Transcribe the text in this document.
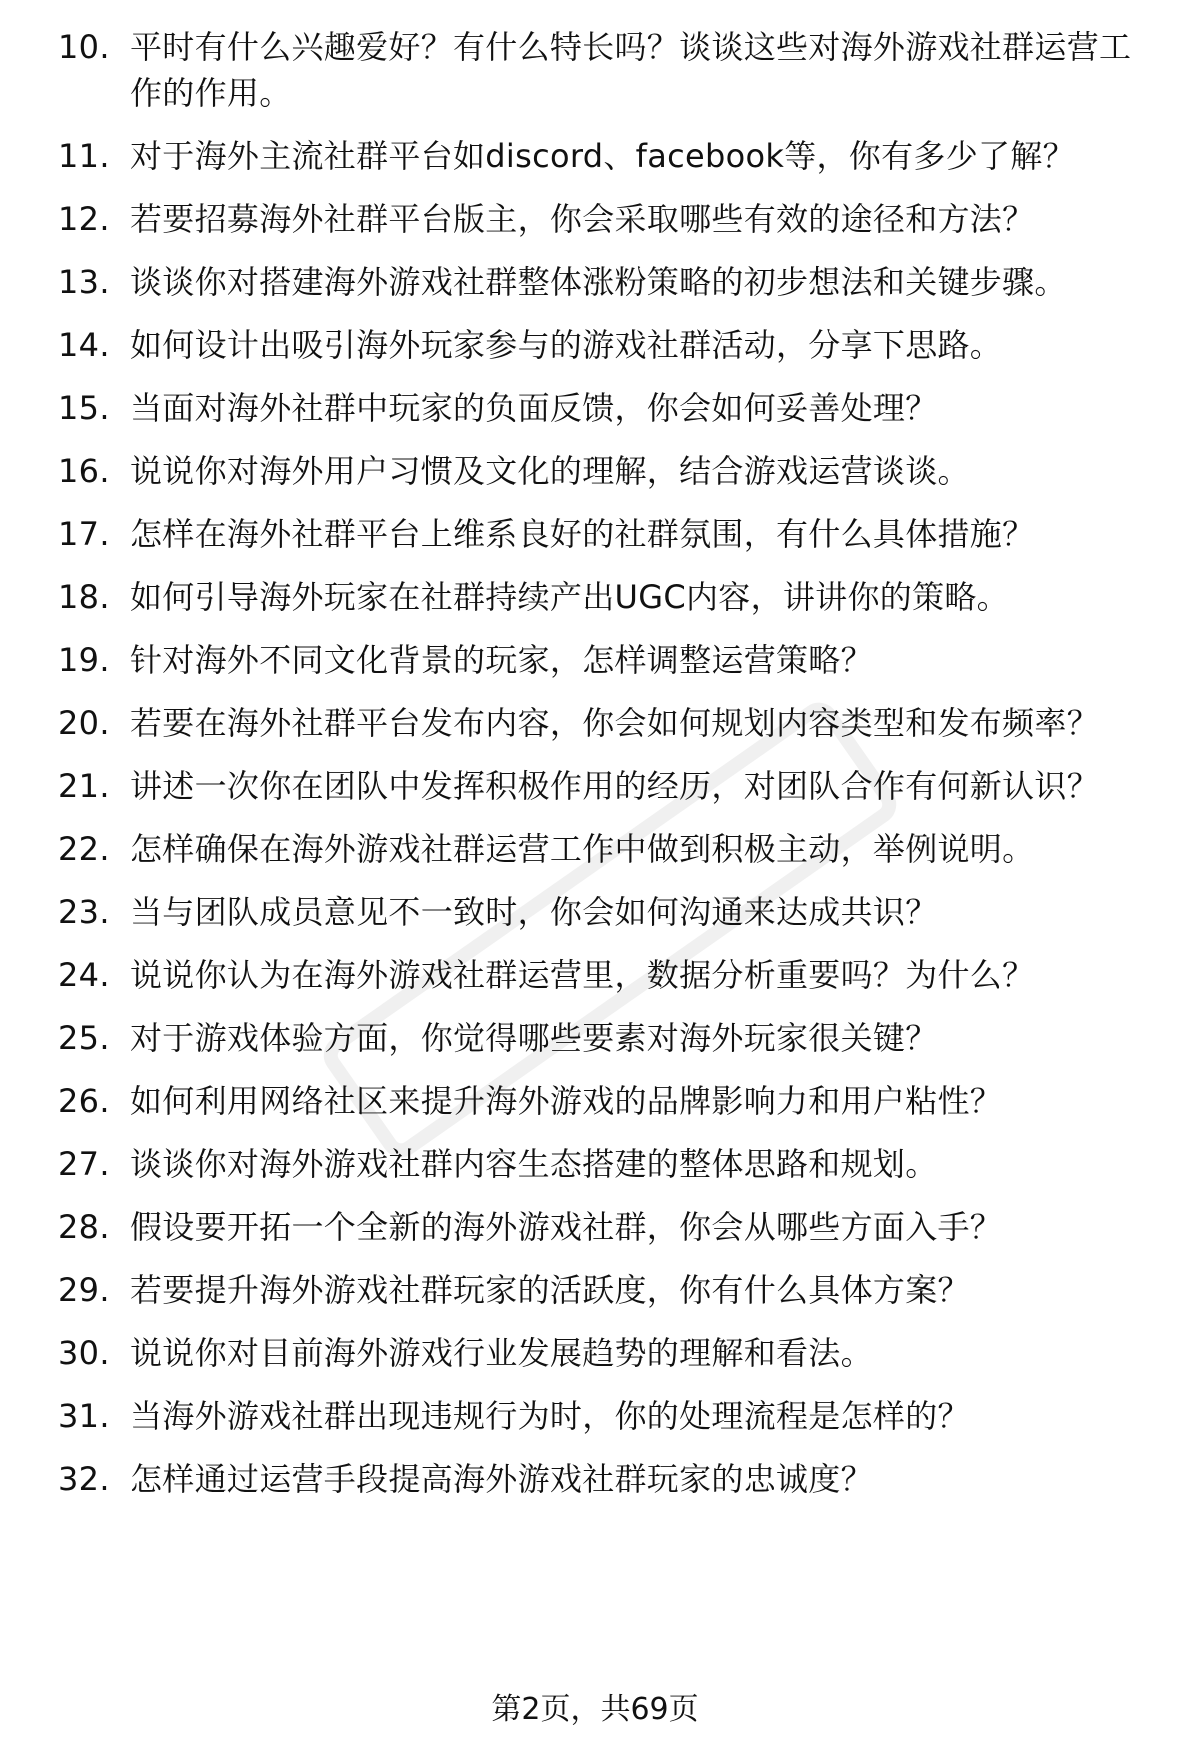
10. 平时有什么兴趣爱好？有什么特长吗？谈谈这些对海外游戏社群运营工作的作用。
11. 对于海外主流社群平台如discord、facebook等，你有多少了解？
12. 若要招募海外社群平台版主，你会采取哪些有效的途径和方法？
13. 谈谈你对搭建海外游戏社群整体涨粉策略的初步想法和关键步骤。
14. 如何设计出吸引海外玩家参与的游戏社群活动，分享下思路。
15. 当面对海外社群中玩家的负面反馈，你会如何妥善处理？
16. 说说你对海外用户习惯及文化的理解，结合游戏运营谈谈。
17. 怎样在海外社群平台上维系良好的社群氛围，有什么具体措施？
18. 如何引导海外玩家在社群持续产出UGC内容，讲讲你的策略。
19. 针对海外不同文化背景的玩家，怎样调整运营策略？
20. 若要在海外社群平台发布内容，你会如何规划内容类型和发布频率？
21. 讲述一次你在团队中发挥积极作用的经历，对团队合作有何新认识？
22. 怎样确保在海外游戏社群运营工作中做到积极主动，举例说明。
23. 当与团队成员意见不一致时，你会如何沟通来达成共识？
24. 说说你认为在海外游戏社群运营里，数据分析重要吗？为什么？
25. 对于游戏体验方面，你觉得哪些要素对海外玩家很关键？
26. 如何利用网络社区来提升海外游戏的品牌影响力和用户粘性？
27. 谈谈你对海外游戏社群内容生态搭建的整体思路和规划。
28. 假设要开拓一个全新的海外游戏社群，你会从哪些方面入手？
29. 若要提升海外游戏社群玩家的活跃度，你有什么具体方案？
30. 说说你对目前海外游戏行业发展趋势的理解和看法。
31. 当海外游戏社群出现违规行为时，你的处理流程是怎样的？
32. 怎样通过运营手段提高海外游戏社群玩家的忠诚度？
第2页，共69页
